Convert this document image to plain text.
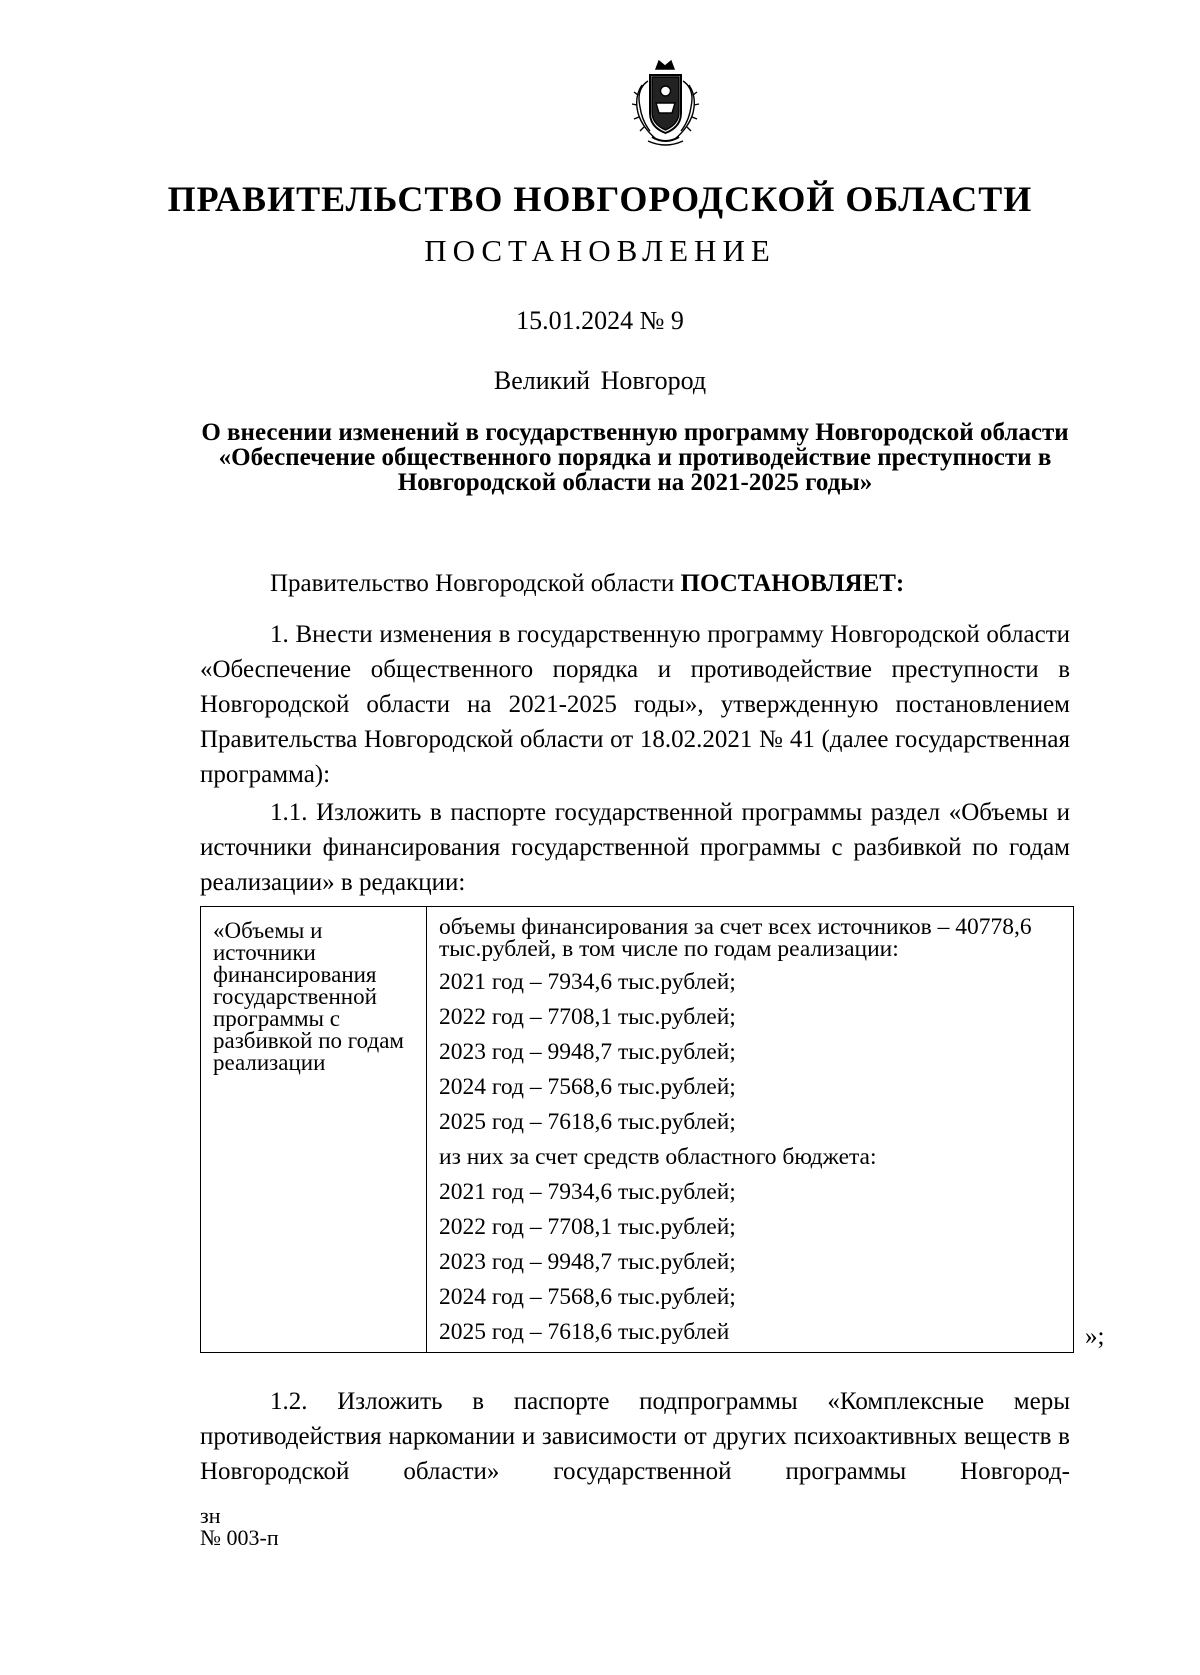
ПРАВИТЕЛЬСТВО НОВГОРОДСКОЙ ОБЛАСТИ
ПОСТАНОВЛЕНИЕ
15.01.2024 № 9
Великий Новгород
О внесении изменений в государственную программу Новгородской области «Обеспечение общественного порядка и противодействие преступности в Новгородской области на 2021-2025 годы»
Правительство Новгородской области ПОСТАНОВЛЯЕТ:
1. Внести изменения в государственную программу Новгородской области «Обеспечение общественного порядка и противодействие преступности в Новгородской области на 2021-2025 годы», утвержденную постановлением Правительства Новгородской области от 18.02.2021 № 41 (далее государственная программа):
1.1. Изложить в паспорте государственной программы раздел «Объемы и источники финансирования государственной программы с разбивкой по годам реализации» в редакции:
«Объемы и источники финансирования государственной программы с разбивкой по годам реализации
объемы финансирования за счет всех источников – 40778,6 тыс.рублей, в том числе по годам реализации:
2021 год – 7934,6 тыс.рублей;
2022 год – 7708,1 тыс.рублей;
2023 год – 9948,7 тыс.рублей;
2024 год – 7568,6 тыс.рублей;
2025 год – 7618,6 тыс.рублей;
из них за счет средств областного бюджета:
2021 год – 7934,6 тыс.рублей;
2022 год – 7708,1 тыс.рублей;
2023 год – 9948,7 тыс.рублей;
2024 год – 7568,6 тыс.рублей;
2025 год – 7618,6 тыс.рублей	»;
1.2. Изложить в паспорте подпрограммы «Комплексные меры противодействия наркомании и зависимости от других психоактивных веществ в Новгородской области» государственной программы Новгород-
зн
№ 003-п
